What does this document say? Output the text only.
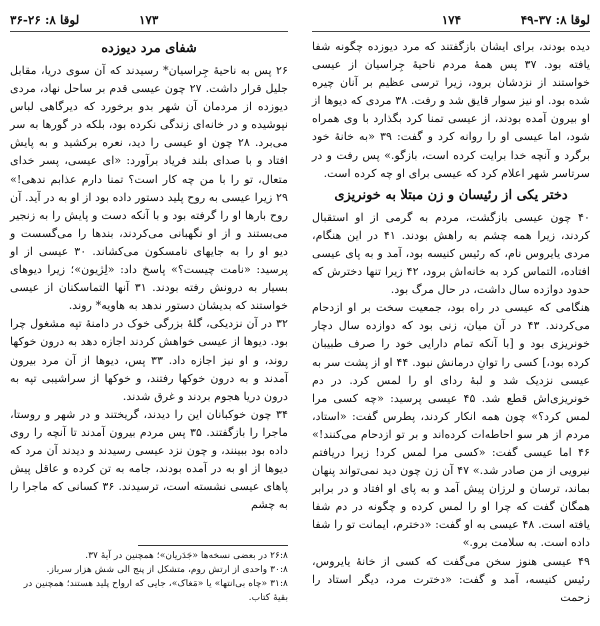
لوقا ۸: ۲۶-۳۶	۱۷۳
شفای مرد دیوزده

۲۶ پس به ناحیهٔ جِراسیان* رسیدند که آن سوی دریا، مقابل جلیل قرار داشت. ۲۷ چون عیسی قدم بر ساحل نهاد، مردی دیوزده از مردمان آن شهر بدو برخورد که دیرگاهی لباس نپوشیده و در خانه‌ای زندگی نکرده بود، بلکه در گورها به سر می‌برد. ۲۸ چون او عیسی را دید، نعره برکشید و به پایش افتاد و با صدای بلند فریاد برآورد: «ای عیسی، پسر خدای متعال، تو را با من چه کار است؟ تمنا دارم عذابم ندهی!» ۲۹ زیرا عیسی به روح پلید دستور داده بود از او به در آید. آن روح بارها او را گرفته بود و با آنکه دست و پایش را به زنجیر می‌بستند و از او نگهبانی می‌کردند، بندها را می‌گسست و دیو او را به جایهای نامسکون می‌کشاند. ۳۰ عیسی از او پرسید: «نامت چیست؟» پاسخ داد: «لِژیون»؛ زیرا دیوهای بسیار به درونش رفته بودند. ۳۱ آنها التماسکنان از عیسی خواستند که بدیشان دستور ندهد به هاویه* روند.

۳۲ در آن نزدیکی، گلهٔ بزرگی خوک در دامنهٔ تپه مشغول چرا بود. دیوها از عیسی خواهش کردند اجازه دهد به درون خوکها روند، و او نیز اجازه داد. ۳۳ پس، دیوها از آن مرد بیرون آمدند و به درون خوکها رفتند، و خوکها از سراشیبی تپه به درون دریا هجوم بردند و غرق شدند.

۳۴ چون خوکبانان این را دیدند، گریختند و در شهر و روستا، ماجرا را بازگفتند. ۳۵ پس مردم بیرون آمدند تا آنچه را روی داده بود ببینند، و چون نزد عیسی رسیدند و دیدند آن مرد که دیوها از او به در آمده بودند، جامه به تن کرده و عاقل پیش پاهای عیسی نشسته است، ترسیدند. ۳۶ کسانی که ماجرا را به چشم

۲۶:۸ در بعضی نسخه‌ها «جَدَریان»؛ همچنین در آیهٔ ۳۷.

۳۰:۸ واحدی از ارتش روم، متشکل از پنج الی شش هزار سرباز.

۳۱:۸ «چاه بی‌انتها» یا «مَغاک»، جایی که ارواح پلید هستند؛ همچنین در بقیهٔ کتاب.

۱۷۴	لوقا ۸: ۳۷-۴۹

دیده بودند، برای ایشان بازگفتند که مرد دیوزده چگونه شفا یافته بود. ۳۷ پس همهٔ مردم ناحیهٔ جِراسیان از عیسی خواستند از نزدشان برود، زیرا ترسی عظیم بر آنان چیره شده بود. او نیز سوار قایق شد و رفت. ۳۸ مردی که دیوها از او بیرون آمده بودند، از عیسی تمنا کرد بگذارد با وی همراه شود، اما عیسی او را روانه کرد و گفت: ۳۹ «به خانهٔ خود برگرد و آنچه خدا برایت کرده است، بازگو.» پس رفت و در سرتاسر شهر اعلام کرد که عیسی برای او چه کرده است.

دختر یکی از رئیسان و زن مبتلا به خونریزی

۴۰ چون عیسی بازگشت، مردم به گرمی از او استقبال کردند، زیرا همه چشم به راهش بودند. ۴۱ در این هنگام، مردی یایروس نام، که رئیس کنیسه بود، آمد و به پای عیسی افتاده، التماس کرد به خانه‌اش برود، ۴۲ زیرا تنها دخترش که حدود دوازده سال داشت، در حال مرگ بود.

هنگامی که عیسی در راه بود، جمعیت سخت بر او ازدحام می‌کردند. ۴۳ در آن میان، زنی بود که دوازده سال دچار خونریزی بود و [با آنکه تمام دارایی خود را صرف طبیبان کرده بود،] کسی را توانِ درمانش نبود. ۴۴ او از پشت سر به عیسی نزدیک شد و لبهٔ ردای او را لمس کرد. در دم خونریزی‌اش قطع شد. ۴۵ عیسی پرسید: «چه کسی مرا لمس کرد؟» چون همه انکار کردند، پطرس گفت: «استاد، مردم از هر سو احاطه‌ات کرده‌اند و بر تو ازدحام می‌کنند!» ۴۶ اما عیسی گفت: «کسی مرا لمس کرد! زیرا دریافتم نیرویی از من صادر شد.» ۴۷ آن زن چون دید نمی‌تواند پنهان بماند، ترسان و لرزان پیش آمد و به پای او افتاد و در برابر همگان گفت که چرا او را لمس کرده و چگونه در دم شفا یافته است. ۴۸ عیسی به او گفت: «دخترم، ایمانت تو را شفا داده است. به سلامت برو.»

۴۹ عیسی هنوز سخن می‌گفت که کسی از خانهٔ یایروس، رئیس کنیسه، آمد و گفت: «دخترت مرد، دیگر استاد را زحمت
